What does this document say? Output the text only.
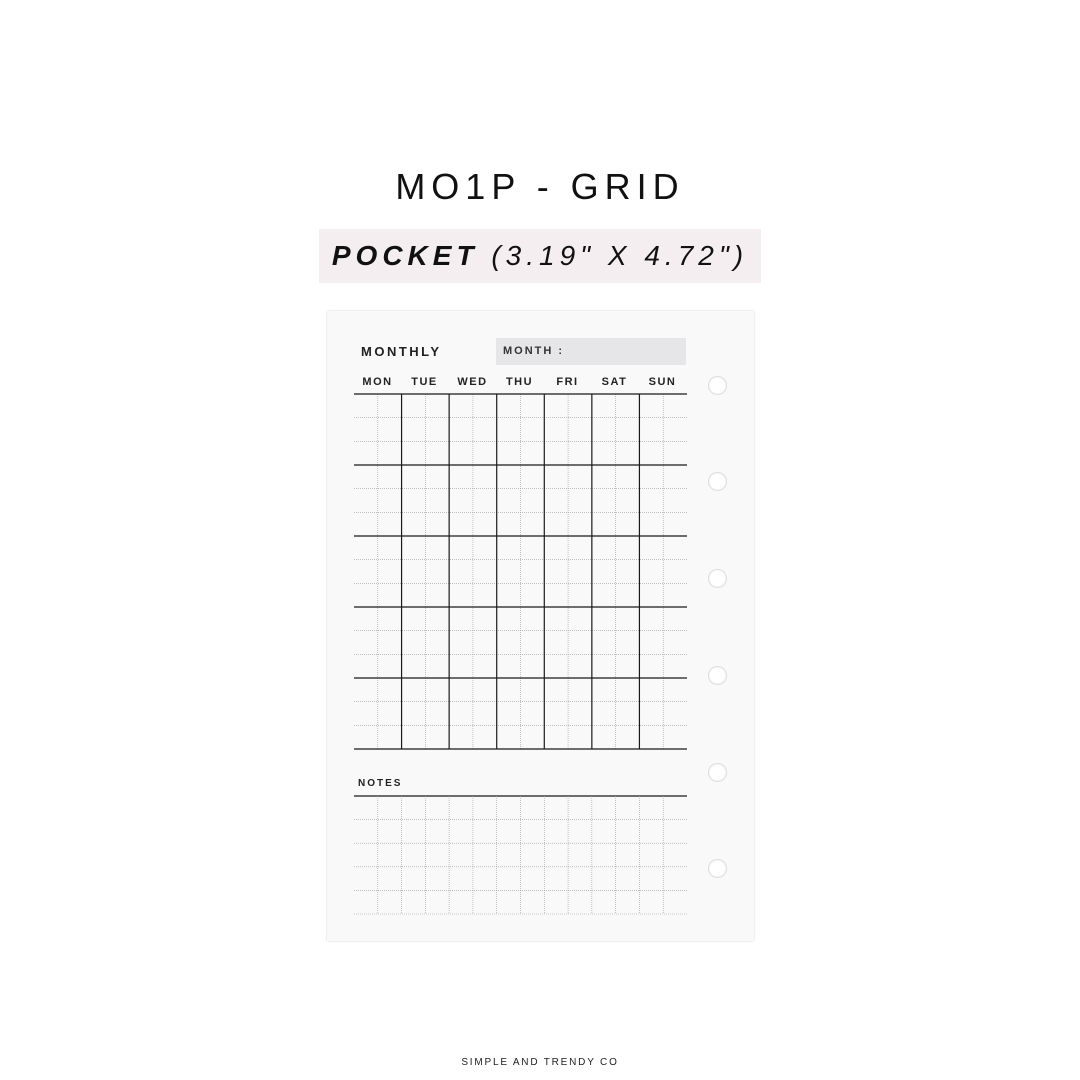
MO1P - GRID
POCKET (3.19" X 4.72")
MONTHLY	MONTH :
MON	TUE	WED	THU	FRI	SAT	SUN
NOTES
SIMPLE AND TRENDY CO
